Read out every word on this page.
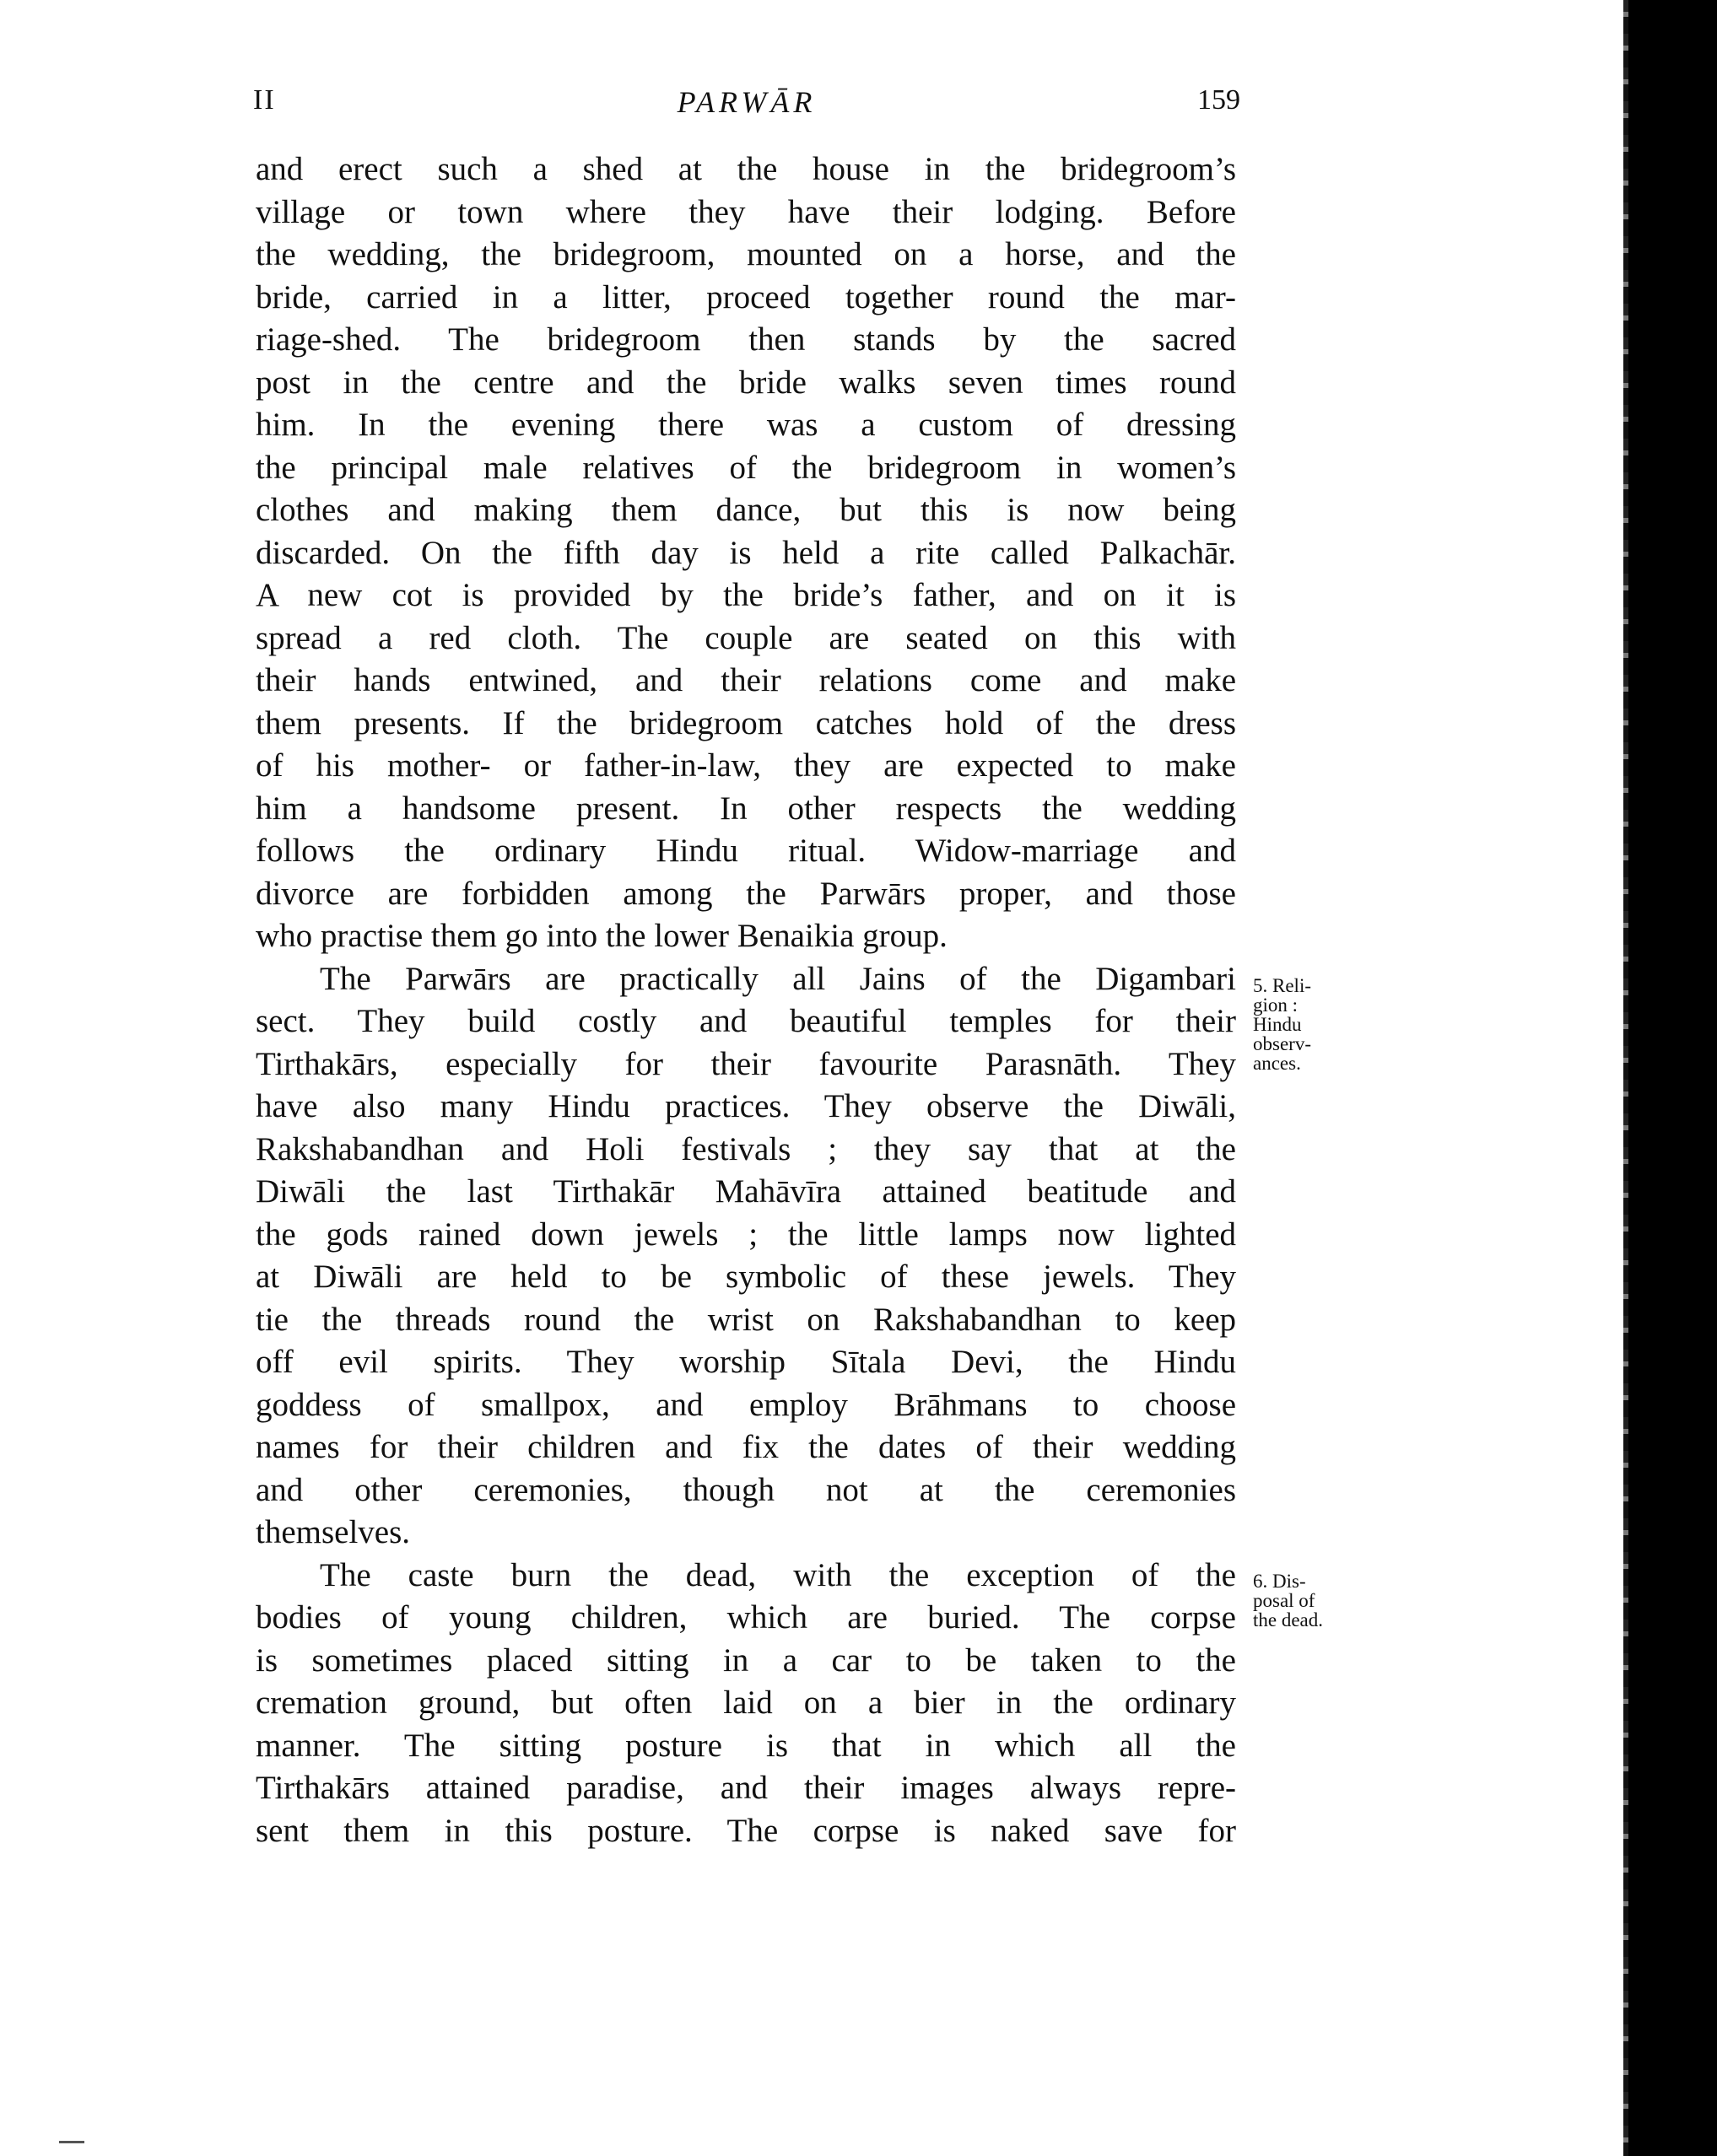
II	PARWĀR	159
and erect such a shed at the house in the bridegroom’s
village or town where they have their lodging. Before
the wedding, the bridegroom, mounted on a horse, and the
bride, carried in a litter, proceed together round the mar-
riage-shed. The bridegroom then stands by the sacred
post in the centre and the bride walks seven times round
him. In the evening there was a custom of dressing
the principal male relatives of the bridegroom in women’s
clothes and making them dance, but this is now being
discarded. On the fifth day is held a rite called Palkachār.
A new cot is provided by the bride’s father, and on it is
spread a red cloth. The couple are seated on this with
their hands entwined, and their relations come and make
them presents. If the bridegroom catches hold of the dress
of his mother- or father-in-law, they are expected to make
him a handsome present. In other respects the wedding
follows the ordinary Hindu ritual. Widow-marriage and
divorce are forbidden among the Parwārs proper, and those
who practise them go into the lower Benaikia group.
The Parwārs are practically all Jains of the Digambari
sect. They build costly and beautiful temples for their
Tirthakārs, especially for their favourite Parasnāth. They
have also many Hindu practices. They observe the Diwāli,
Rakshabandhan and Holi festivals ; they say that at the
Diwāli the last Tirthakār Mahāvīra attained beatitude and
the gods rained down jewels ; the little lamps now lighted
at Diwāli are held to be symbolic of these jewels. They
tie the threads round the wrist on Rakshabandhan to keep
off evil spirits. They worship Sītala Devi, the Hindu
goddess of smallpox, and employ Brāhmans to choose
names for their children and fix the dates of their wedding
and other ceremonies, though not at the ceremonies
themselves.
The caste burn the dead, with the exception of the
bodies of young children, which are buried. The corpse
is sometimes placed sitting in a car to be taken to the
cremation ground, but often laid on a bier in the ordinary
manner. The sitting posture is that in which all the
Tirthakārs attained paradise, and their images always repre-
sent them in this posture. The corpse is naked save for
5. Reli-
gion :
Hindu
observ-
ances.
6. Dis-
posal of
the dead.
